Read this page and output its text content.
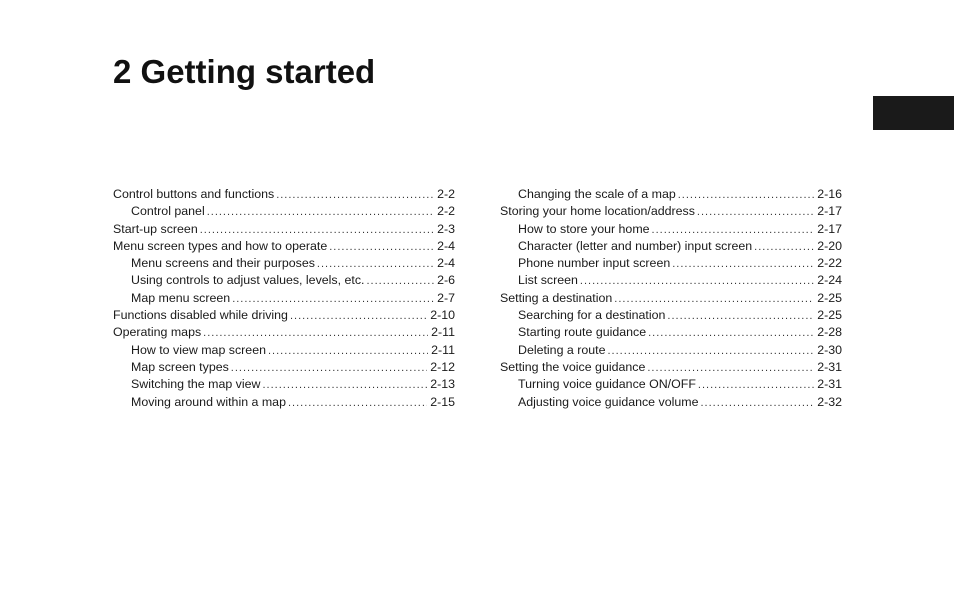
2 Getting started
Control buttons and functions .....	2-2
Control panel .....	2-2
Start-up screen .....	2-3
Menu screen types and how to operate .....	2-4
Menu screens and their purposes .....	2-4
Using controls to adjust values, levels, etc. .....	2-6
Map menu screen .....	2-7
Functions disabled while driving .....	2-10
Operating maps .....	2-11
How to view map screen .....	2-11
Map screen types .....	2-12
Switching the map view .....	2-13
Moving around within a map .....	2-15
Changing the scale of a map .....	2-16
Storing your home location/address .....	2-17
How to store your home .....	2-17
Character (letter and number) input screen .....	2-20
Phone number input screen .....	2-22
List screen .....	2-24
Setting a destination .....	2-25
Searching for a destination .....	2-25
Starting route guidance .....	2-28
Deleting a route .....	2-30
Setting the voice guidance .....	2-31
Turning voice guidance ON/OFF .....	2-31
Adjusting voice guidance volume .....	2-32
